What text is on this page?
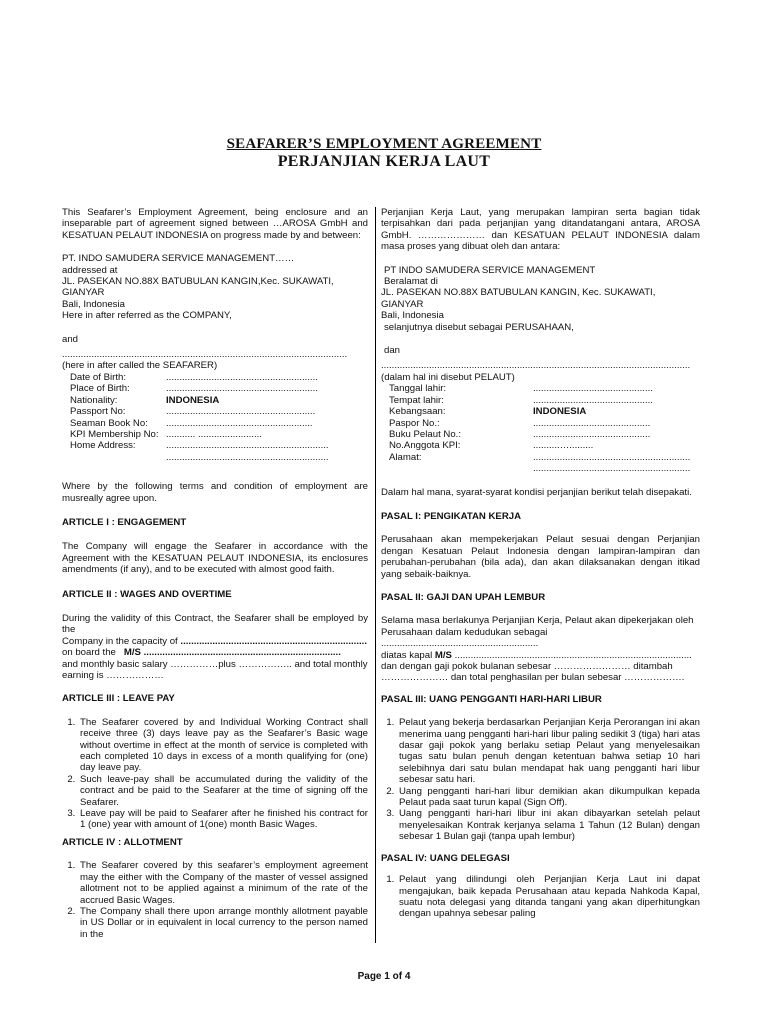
SEAFARER’S EMPLOYMENT AGREEMENT
PERJANJIAN KERJA LAUT

This Seafarer’s Employment Agreement, being enclosure and an inseparable part of agreement signed between …AROSA GmbH and KESATUAN PELAUT INDONESIA on progress made by and between:

PT. INDO SAMUDERA SERVICE MANAGEMENT……

addressed at

JL. PASEKAN NO.88X BATUBULAN KANGIN,Kec. SUKAWATI, GIANYAR

Bali, Indonesia

Here in after referred as the COMPANY,

and

...........................................................................................................

(here in after called the SEAFARER)

Date of Birth:	.........................................................
Place of Birth:	.........................................................
Nationality:	INDONESIA
Passport No:	........................................................
Seaman Book No:	.......................................................
KPI Membership No: ........... ........................
Home Address:	.............................................................
.............................................................

Where by the following terms and condition of employment are musreally agree upon.

ARTICLE I : ENGAGEMENT

The Company will engage the Seafarer in accordance with the Agreement with the KESATUAN PELAUT INDONESIA, its enclosures amendments (if any), and to be executed with almost good faith.

ARTICLE II : WAGES AND OVERTIME

During the validity of this Contract, the Seafarer shall be employed by the

Company in the capacity of ......................................................................

on board the M/S ..........................................................................

and monthly basic salary ……………plus …………….. and total monthly

earning is ………………

ARTICLE III : LEAVE PAY

1. The Seafarer covered by and Individual Working Contract shall receive three (3) days leave pay as the Seafarer’s Basic wage without overtime in effect at the month of service is completed with each completed 10 days in excess of a month qualifying for (one) day leave pay.
2. Such leave-pay shall be accumulated during the validity of the contract and be paid to the Seafarer at the time of signing off the Seafarer.
3. Leave pay will be paid to Seafarer after he finished his contract for 1 (one) year with amount of 1(one) month Basic Wages.

ARTICLE IV : ALLOTMENT

1. The Seafarer covered by this seafarer’s employment agreement may the either with the Company of the master of vessel assigned allotment not to be applied against a minimum of the rate of the accrued Basic Wages.
2. The Company shall there upon arrange monthly allotment payable in US Dollar or in equivalent in local currency to the person named in the

Perjanjian Kerja Laut, yang merupakan lampiran serta bagian tidak terpisahkan dari pada perjanjian yang ditandatangani antara, AROSA GmbH. ………………… dan KESATUAN PELAUT INDONESIA dalam masa proses yang dibuat oleh dan antara:

PT INDO SAMUDERA SERVICE MANAGEMENT

Beralamat di

JL. PASEKAN NO.88X BATUBULAN KANGIN, Kec. SUKAWATI, GIANYAR

Bali, Indonesia

selanjutnya disebut sebagai PERUSAHAAN,

dan

....................................................................................................................

(dalam hal ini disebut PELAUT)

Tanggal lahir:	.............................................
Tempat lahir:	.............................................
Kebangsaan:	INDONESIA
Paspor No.:	............................................
Buku Pelaut No.:	............................................
No.Anggota KPI:	..........….........
Alamat:	...........................................................
...........................................................

Dalam hal mana, syarat-syarat kondisi perjanjian berikut telah disepakati.

PASAL I: PENGIKATAN KERJA

Perusahaan akan mempekerjakan Pelaut sesuai dengan Perjanjian dengan Kesatuan Pelaut Indonesia dengan lampiran-lampiran dan perubahan-perubahan (bila ada), dan akan dilaksanakan dengan itikad yang sebaik-baiknya.

PASAL II: GAJI DAN UPAH LEMBUR

Selama masa berlakunya Perjanjian Kerja, Pelaut akan dipekerjakan oleh

Perusahaan dalam kedudukan sebagai ...........................................................

diatas kapal M/S .........................................................................................

dan dengan gaji pokok bulanan sebesar …………………… ditambah

………………… dan total penghasilan per bulan sebesar ……………….

PASAL III: UANG PENGGANTI HARI-HARI LIBUR

1. Pelaut yang bekerja berdasarkan Perjanjian Kerja Perorangan ini akan menerima uang pengganti hari-hari libur paling sedikit 3 (tiga) hari atas dasar gaji pokok yang berlaku setiap Pelaut yang menyelesaikan tugas satu bulan penuh dengan ketentuan bahwa setiap 10 hari selebihnya dari satu bulan mendapat hak uang pengganti hari libur sebesar satu hari.
2. Uang pengganti hari-hari libur demikian akan dikumpulkan kepada Pelaut pada saat turun kapal (Sign Off).
3. Uang pengganti hari-hari libur ini akan dibayarkan setelah pelaut menyelesaikan Kontrak kerjanya selama 1 Tahun (12 Bulan) dengan sebesar 1 Bulan gaji (tanpa upah lembur)

PASAL IV: UANG DELEGASI

1. Pelaut yang dilindungi oleh Perjanjian Kerja Laut ini dapat mengajukan, baik kepada Perusahaan atau kepada Nahkoda Kapal, suatu nota delegasi yang ditanda tangani yang akan diperhitungkan dengan upahnya sebesar paling
Page 1 of 4
